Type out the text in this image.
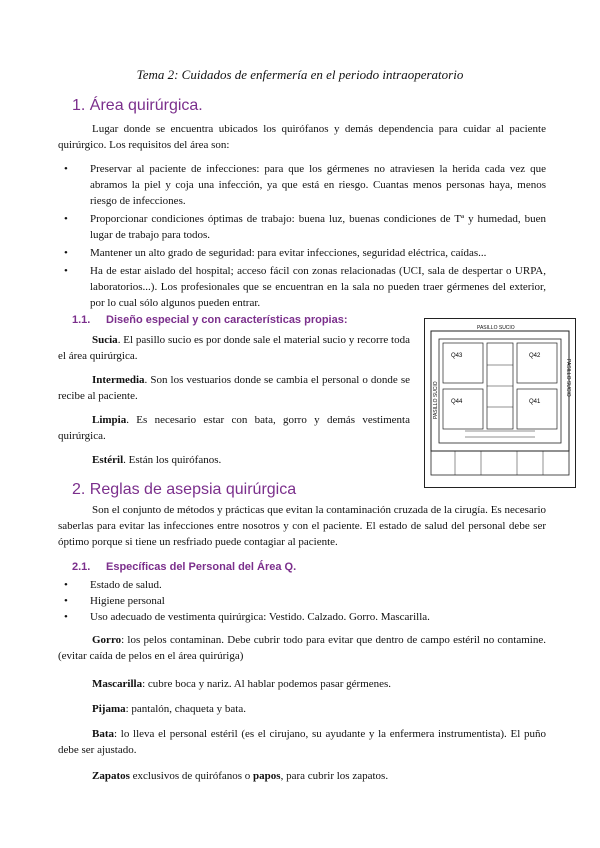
Tema 2: Cuidados de enfermería en el periodo intraoperatorio
1. Área quirúrgica.
Lugar donde se encuentra ubicados los quirófanos y demás dependencia para cuidar al paciente quirúrgico. Los requisitos del área son:
• Preservar al paciente de infecciones: para que los gérmenes no atraviesen la herida cada vez que abramos la piel y coja una infección, ya que está en riesgo. Cuantas menos personas haya, menos riesgo de infecciones.
• Proporcionar condiciones óptimas de trabajo: buena luz, buenas condiciones de Tª y humedad, buen lugar de trabajo para todos.
• Mantener un alto grado de seguridad: para evitar infecciones, seguridad eléctrica, caídas...
• Ha de estar aislado del hospital; acceso fácil con zonas relacionadas (UCI, sala de despertar o URPA, laboratorios...). Los profesionales que se encuentran en la sala no pueden traer gérmenes del exterior, por lo cual sólo algunos pueden entrar.
1.1. Diseño especial y con características propias:
Sucia. El pasillo sucio es por donde sale el material sucio y recorre toda el área quirúrgica.
Intermedia. Son los vestuarios donde se cambia el personal o donde se recibe al paciente.
Limpia. Es necesario estar con bata, gorro y demás vestimenta quirúrgica.
Estéril. Están los quirófanos.
PASILLO SUCIO
PASILLO SUCIO
PASILLO SUCIO
Q43	Q42
Q44	Q41
2. Reglas de asepsia quirúrgica
Son el conjunto de métodos y prácticas que evitan la contaminación cruzada de la cirugía. Es necesario saberlas para evitar las infecciones entre nosotros y con el paciente. El estado de salud del personal debe ser óptimo porque si tiene un resfriado puede contagiar al paciente.
2.1. Específicas del Personal del Área Q.
• Estado de salud.
• Higiene personal
• Uso adecuado de vestimenta quirúrgica: Vestido. Calzado. Gorro. Mascarilla.
Gorro: los pelos contaminan. Debe cubrir todo para evitar que dentro de campo estéril no contamine. (evitar caída de pelos en el área quirúriga)
Mascarilla: cubre boca y nariz. Al hablar podemos pasar gérmenes.
Pijama: pantalón, chaqueta y bata.
Bata: lo lleva el personal estéril (es el cirujano, su ayudante y la enfermera instrumentista). El puño debe ser ajustado.
Zapatos exclusivos de quirófanos o papos, para cubrir los zapatos.
